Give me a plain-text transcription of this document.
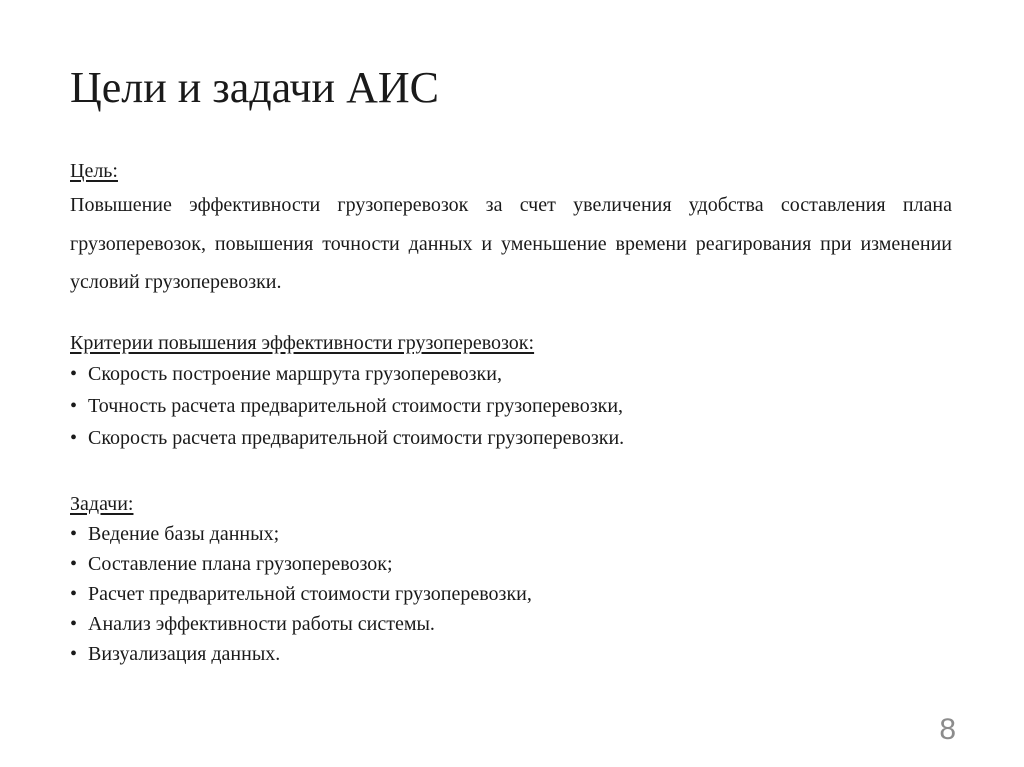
Цели и задачи АИС

Цель:

Повышение эффективности грузоперевозок за счет увеличения удобства составления плана грузоперевозок, повышения точности данных и уменьшение времени реагирования при изменении условий грузоперевозки.

Критерии повышения эффективности грузоперевозок:

• Скорость построение маршрута грузоперевозки,
• Точность расчета предварительной стоимости грузоперевозки,
• Скорость расчета предварительной стоимости грузоперевозки.

Задачи:

• Ведение базы данных;
• Составление плана грузоперевозок;
• Расчет предварительной стоимости грузоперевозки,
• Анализ эффективности работы системы.
• Визуализация данных.
8
